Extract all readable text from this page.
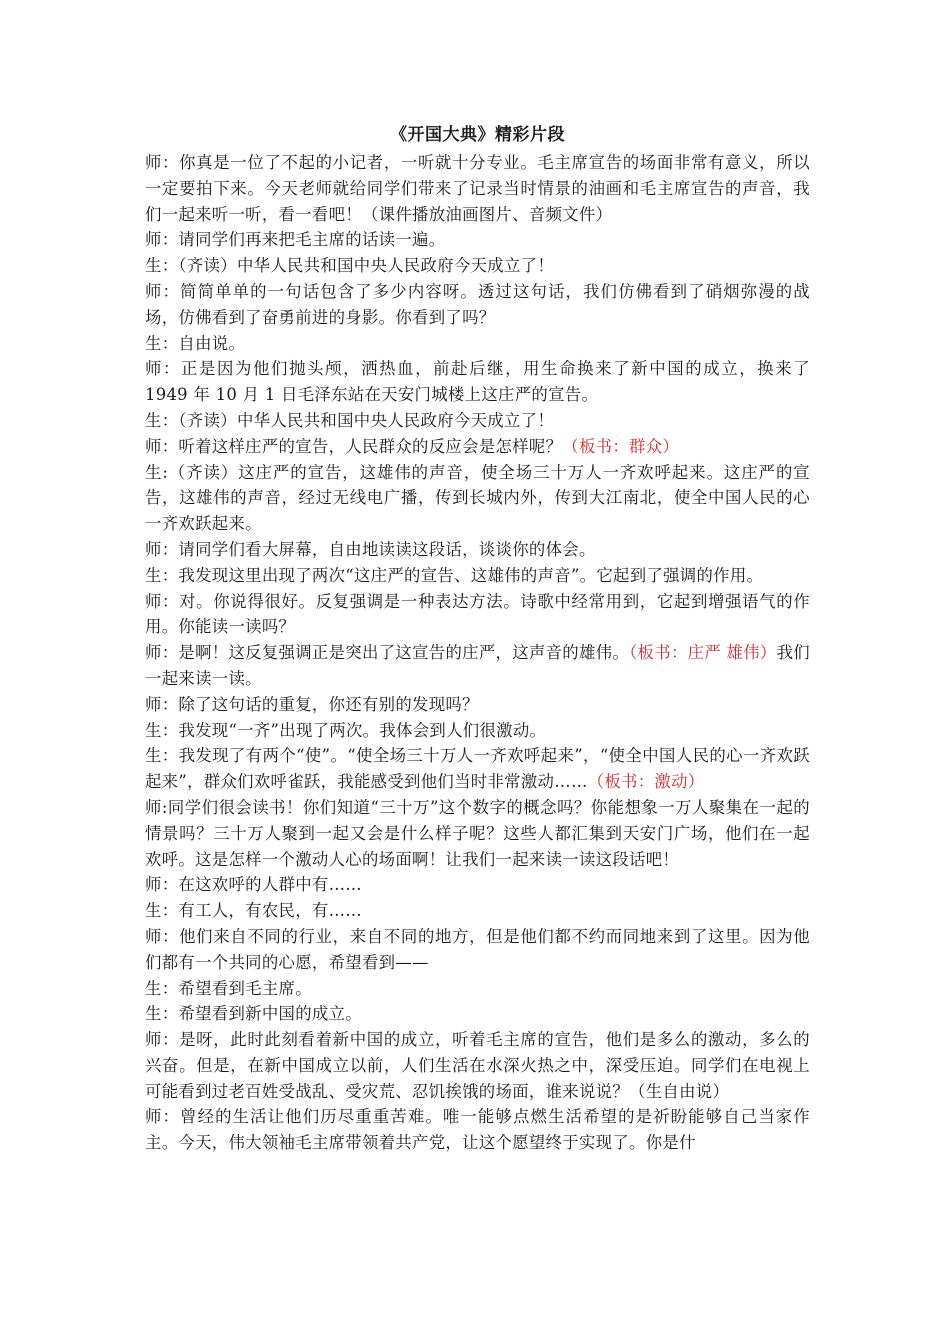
《开国大典》精彩片段

师：你真是一位了不起的小记者，一听就十分专业。毛主席宣告的场面非常有意义，所以一定要拍下来。今天老师就给同学们带来了记录当时情景的油画和毛主席宣告的声音，我们一起来听一听，看一看吧！（课件播放油画图片、音频文件）

师：请同学们再来把毛主席的话读一遍。

生：（齐读）中华人民共和国中央人民政府今天成立了！

师：简简单单的一句话包含了多少内容呀。透过这句话，我们仿佛看到了硝烟弥漫的战场，仿佛看到了奋勇前进的身影。你看到了吗？

生：自由说。

师：正是因为他们抛头颅，洒热血，前赴后继，用生命换来了新中国的成立，换来了 1949 年 10 月 1 日毛泽东站在天安门城楼上这庄严的宣告。

生：（齐读）中华人民共和国中央人民政府今天成立了！

师：听着这样庄严的宣告，人民群众的反应会是怎样呢？（板书：群众）

生:（齐读）这庄严的宣告，这雄伟的声音，使全场三十万人一齐欢呼起来。这庄严的宣告，这雄伟的声音，经过无线电广播，传到长城内外，传到大江南北，使全中国人民的心一齐欢跃起来。

师：请同学们看大屏幕，自由地读读这段话，谈谈你的体会。

生：我发现这里出现了两次“这庄严的宣告、这雄伟的声音”。它起到了强调的作用。

师：对。你说得很好。反复强调是一种表达方法。诗歌中经常用到，它起到增强语气的作用。你能读一读吗？

师：是啊！这反复强调正是突出了这宣告的庄严，这声音的雄伟。（板书：庄严 雄伟）我们一起来读一读。

师：除了这句话的重复，你还有别的发现吗？

生：我发现“一齐”出现了两次。我体会到人们很激动。

生：我发现了有两个“使”。“使全场三十万人一齐欢呼起来”，“使全中国人民的心一齐欢跃起来”，群众们欢呼雀跃，我能感受到他们当时非常激动……（板书：激动）

师:同学们很会读书！你们知道“三十万”这个数字的概念吗？你能想象一万人聚集在一起的情景吗？三十万人聚到一起又会是什么样子呢？这些人都汇集到天安门广场，他们在一起欢呼。这是怎样一个激动人心的场面啊！让我们一起来读一读这段话吧！

师：在这欢呼的人群中有……

生：有工人，有农民，有……

师：他们来自不同的行业，来自不同的地方，但是他们都不约而同地来到了这里。因为他们都有一个共同的心愿，希望看到——

生：希望看到毛主席。

生：希望看到新中国的成立。

师：是呀，此时此刻看着新中国的成立，听着毛主席的宣告，他们是多么的激动，多么的兴奋。但是，在新中国成立以前，人们生活在水深火热之中，深受压迫。同学们在电视上可能看到过老百姓受战乱、受灾荒、忍饥挨饿的场面，谁来说说？（生自由说）

师：曾经的生活让他们历尽重重苦难。唯一能够点燃生活希望的是祈盼能够自己当家作主。今天，伟大领袖毛主席带领着共产党，让这个愿望终于实现了。你是什
